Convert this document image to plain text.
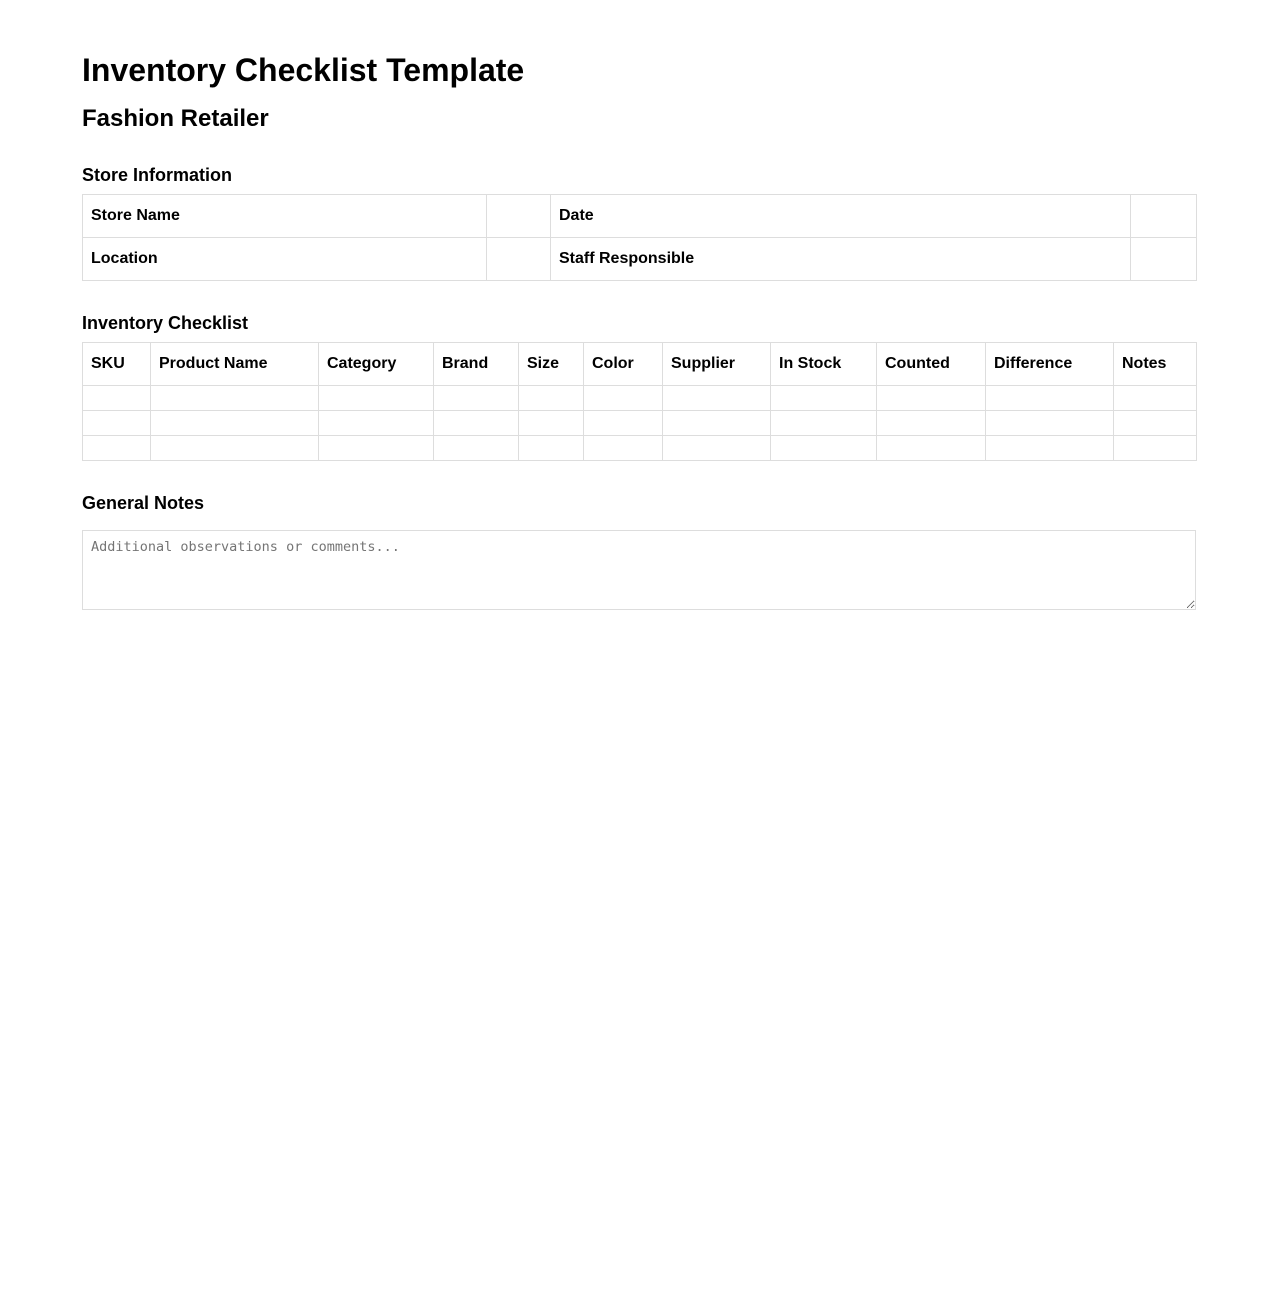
Inventory Checklist Template
Fashion Retailer
Store Information
Store Name		Date	
Location		Staff Responsible	
Inventory Checklist
SKU	Product Name	Category	Brand	Size	Color	Supplier	In Stock	Counted	Difference	Notes

General Notes
Additional observations or comments...
